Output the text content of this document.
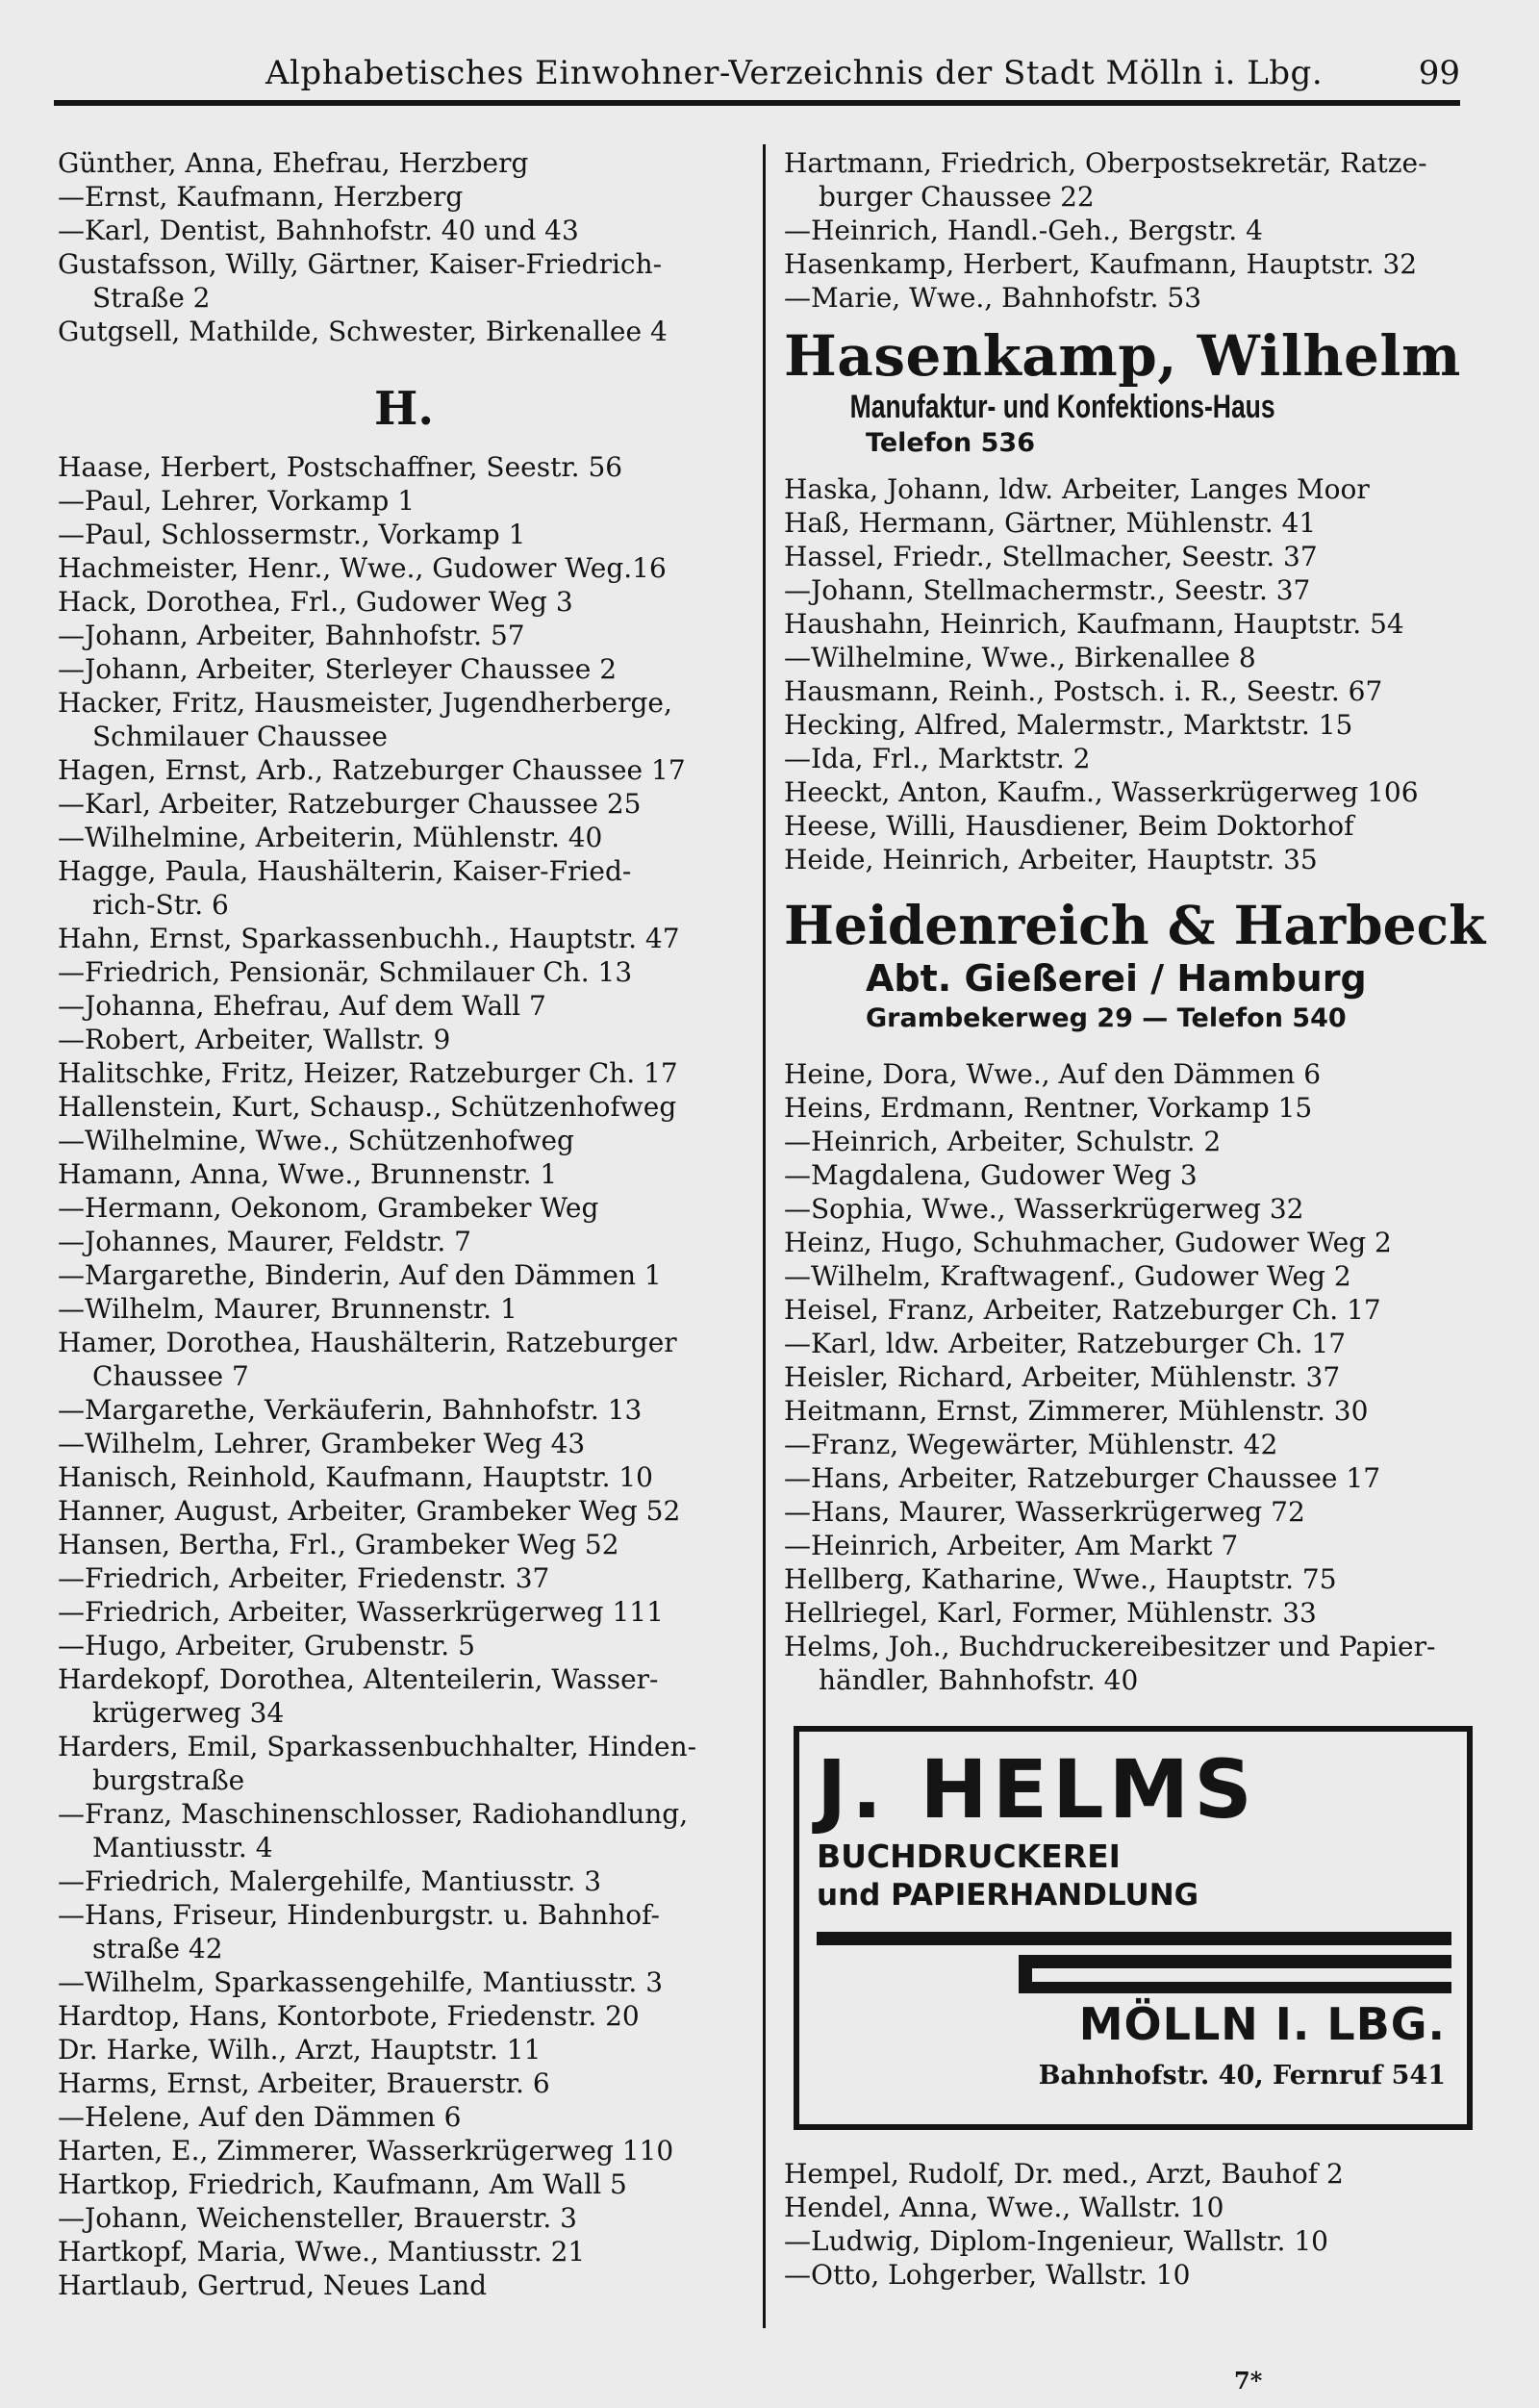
Alphabetisches Einwohner-Verzeichnis der Stadt Mölln i. Lbg.	99
Günther, Anna, Ehefrau, Herzberg
—Ernst, Kaufmann, Herzberg
—Karl, Dentist, Bahnhofstr. 40 und 43
Gustafsson, Willy, Gärtner, Kaiser-Friedrich-
Straße 2
Gutgsell, Mathilde, Schwester, Birkenallee 4
H.
Haase, Herbert, Postschaffner, Seestr. 56
—Paul, Lehrer, Vorkamp 1
—Paul, Schlossermstr., Vorkamp 1
Hachmeister, Henr., Wwe., Gudower Weg.16
Hack, Dorothea, Frl., Gudower Weg 3
—Johann, Arbeiter, Bahnhofstr. 57
—Johann, Arbeiter, Sterleyer Chaussee 2
Hacker, Fritz, Hausmeister, Jugendherberge,
Schmilauer Chaussee
Hagen, Ernst, Arb., Ratzeburger Chaussee 17
—Karl, Arbeiter, Ratzeburger Chaussee 25
—Wilhelmine, Arbeiterin, Mühlenstr. 40
Hagge, Paula, Haushälterin, Kaiser-Fried-
rich-Str. 6
Hahn, Ernst, Sparkassenbuchh., Hauptstr. 47
—Friedrich, Pensionär, Schmilauer Ch. 13
—Johanna, Ehefrau, Auf dem Wall 7
—Robert, Arbeiter, Wallstr. 9
Halitschke, Fritz, Heizer, Ratzeburger Ch. 17
Hallenstein, Kurt, Schausp., Schützenhofweg
—Wilhelmine, Wwe., Schützenhofweg
Hamann, Anna, Wwe., Brunnenstr. 1
—Hermann, Oekonom, Grambeker Weg
—Johannes, Maurer, Feldstr. 7
—Margarethe, Binderin, Auf den Dämmen 1
—Wilhelm, Maurer, Brunnenstr. 1
Hamer, Dorothea, Haushälterin, Ratzeburger
Chaussee 7
—Margarethe, Verkäuferin, Bahnhofstr. 13
—Wilhelm, Lehrer, Grambeker Weg 43
Hanisch, Reinhold, Kaufmann, Hauptstr. 10
Hanner, August, Arbeiter, Grambeker Weg 52
Hansen, Bertha, Frl., Grambeker Weg 52
—Friedrich, Arbeiter, Friedenstr. 37
—Friedrich, Arbeiter, Wasserkrügerweg 111
—Hugo, Arbeiter, Grubenstr. 5
Hardekopf, Dorothea, Altenteilerin, Wasser-
krügerweg 34
Harders, Emil, Sparkassenbuchhalter, Hinden-
burgstraße
—Franz, Maschinenschlosser, Radiohandlung,
Mantiusstr. 4
—Friedrich, Malergehilfe, Mantiusstr. 3
—Hans, Friseur, Hindenburgstr. u. Bahnhof-
straße 42
—Wilhelm, Sparkassengehilfe, Mantiusstr. 3
Hardtop, Hans, Kontorbote, Friedenstr. 20
Dr. Harke, Wilh., Arzt, Hauptstr. 11
Harms, Ernst, Arbeiter, Brauerstr. 6
—Helene, Auf den Dämmen 6
Harten, E., Zimmerer, Wasserkrügerweg 110
Hartkop, Friedrich, Kaufmann, Am Wall 5
—Johann, Weichensteller, Brauerstr. 3
Hartkopf, Maria, Wwe., Mantiusstr. 21
Hartlaub, Gertrud, Neues Land
Hartmann, Friedrich, Oberpostsekretär, Ratze-
burger Chaussee 22
—Heinrich, Handl.-Geh., Bergstr. 4
Hasenkamp, Herbert, Kaufmann, Hauptstr. 32
—Marie, Wwe., Bahnhofstr. 53
Hasenkamp, Wilhelm
Manufaktur- und Konfektions-Haus
Telefon 536
Haska, Johann, ldw. Arbeiter, Langes Moor
Haß, Hermann, Gärtner, Mühlenstr. 41
Hassel, Friedr., Stellmacher, Seestr. 37
—Johann, Stellmachermstr., Seestr. 37
Haushahn, Heinrich, Kaufmann, Hauptstr. 54
—Wilhelmine, Wwe., Birkenallee 8
Hausmann, Reinh., Postsch. i. R., Seestr. 67
Hecking, Alfred, Malermstr., Marktstr. 15
—Ida, Frl., Marktstr. 2
Heeckt, Anton, Kaufm., Wasserkrügerweg 106
Heese, Willi, Hausdiener, Beim Doktorhof
Heide, Heinrich, Arbeiter, Hauptstr. 35
Heidenreich & Harbeck
Abt. Gießerei / Hamburg
Grambekerweg 29 — Telefon 540
Heine, Dora, Wwe., Auf den Dämmen 6
Heins, Erdmann, Rentner, Vorkamp 15
—Heinrich, Arbeiter, Schulstr. 2
—Magdalena, Gudower Weg 3
—Sophia, Wwe., Wasserkrügerweg 32
Heinz, Hugo, Schuhmacher, Gudower Weg 2
—Wilhelm, Kraftwagenf., Gudower Weg 2
Heisel, Franz, Arbeiter, Ratzeburger Ch. 17
—Karl, ldw. Arbeiter, Ratzeburger Ch. 17
Heisler, Richard, Arbeiter, Mühlenstr. 37
Heitmann, Ernst, Zimmerer, Mühlenstr. 30
—Franz, Wegewärter, Mühlenstr. 42
—Hans, Arbeiter, Ratzeburger Chaussee 17
—Hans, Maurer, Wasserkrügerweg 72
—Heinrich, Arbeiter, Am Markt 7
Hellberg, Katharine, Wwe., Hauptstr. 75
Hellriegel, Karl, Former, Mühlenstr. 33
Helms, Joh., Buchdruckereibesitzer und Papier-
händler, Bahnhofstr. 40
J. HELMS
BUCHDRUCKEREI
und PAPIERHANDLUNG
MÖLLN I. LBG.
Bahnhofstr. 40, Fernruf 541
Hempel, Rudolf, Dr. med., Arzt, Bauhof 2
Hendel, Anna, Wwe., Wallstr. 10
—Ludwig, Diplom-Ingenieur, Wallstr. 10
—Otto, Lohgerber, Wallstr. 10
7*
